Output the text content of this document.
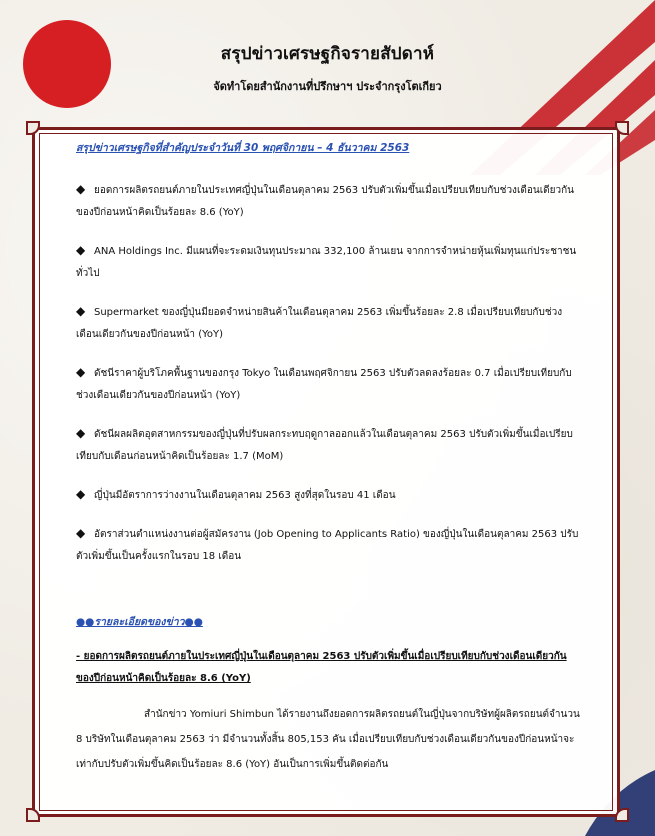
สรุปข่าวเศรษฐกิจรายสัปดาห์
จัดทำโดยสำนักงานที่ปรึกษาฯ ประจำกรุงโตเกียว
สรุปข่าวเศรษฐกิจที่สำคัญประจำวันที่ 30 พฤศจิกายน – 4 ธันวาคม 2563
◆ ยอดการผลิตรถยนต์ภายในประเทศญี่ปุ่นในเดือนตุลาคม 2563 ปรับตัวเพิ่มขึ้นเมื่อเปรียบเทียบกับช่วงเดือนเดียวกันของปีก่อนหน้าคิดเป็นร้อยละ 8.6 (YoY)
◆ ANA Holdings Inc. มีแผนที่จะระดมเงินทุนประมาณ 332,100 ล้านเยน จากการจำหน่ายหุ้นเพิ่มทุนแก่ประชาชนทั่วไป
◆ Supermarket ของญี่ปุ่นมียอดจำหน่ายสินค้าในเดือนตุลาคม 2563 เพิ่มขึ้นร้อยละ 2.8 เมื่อเปรียบเทียบกับช่วงเดือนเดียวกันของปีก่อนหน้า (YoY)
◆ ดัชนีราคาผู้บริโภคพื้นฐานของกรุง Tokyo ในเดือนพฤศจิกายน 2563 ปรับตัวลดลงร้อยละ 0.7 เมื่อเปรียบเทียบกับช่วงเดือนเดียวกันของปีก่อนหน้า (YoY)
◆ ดัชนีผลผลิตอุตสาหกรรมของญี่ปุ่นที่ปรับผลกระทบฤดูกาลออกแล้วในเดือนตุลาคม 2563 ปรับตัวเพิ่มขึ้นเมื่อเปรียบเทียบกับเดือนก่อนหน้าคิดเป็นร้อยละ 1.7 (MoM)
◆ ญี่ปุ่นมีอัตราการว่างงานในเดือนตุลาคม 2563 สูงที่สุดในรอบ 41 เดือน
◆ อัตราส่วนตำแหน่งงานต่อผู้สมัครงาน (Job Opening to Applicants Ratio) ของญี่ปุ่นในเดือนตุลาคม 2563 ปรับตัวเพิ่มขึ้นเป็นครั้งแรกในรอบ 18 เดือน
●●รายละเอียดของข่าว●●
- ยอดการผลิตรถยนต์ภายในประเทศญี่ปุ่นในเดือนตุลาคม 2563 ปรับตัวเพิ่มขึ้นเมื่อเปรียบเทียบกับช่วงเดือนเดียวกันของปีก่อนหน้าคิดเป็นร้อยละ 8.6 (YoY)
สำนักข่าว Yomiuri Shimbun ได้รายงานถึงยอดการผลิตรถยนต์ในญี่ปุ่นจากบริษัทผู้ผลิตรถยนต์จำนวน 8 บริษัทในเดือนตุลาคม 2563 ว่า มีจำนวนทั้งสิ้น 805,153 คัน เมื่อเปรียบเทียบกับช่วงเดือนเดียวกันของปีก่อนหน้าจะเท่ากับปรับตัวเพิ่มขึ้นคิดเป็นร้อยละ 8.6 (YoY) อันเป็นการเพิ่มขึ้นติดต่อกัน
